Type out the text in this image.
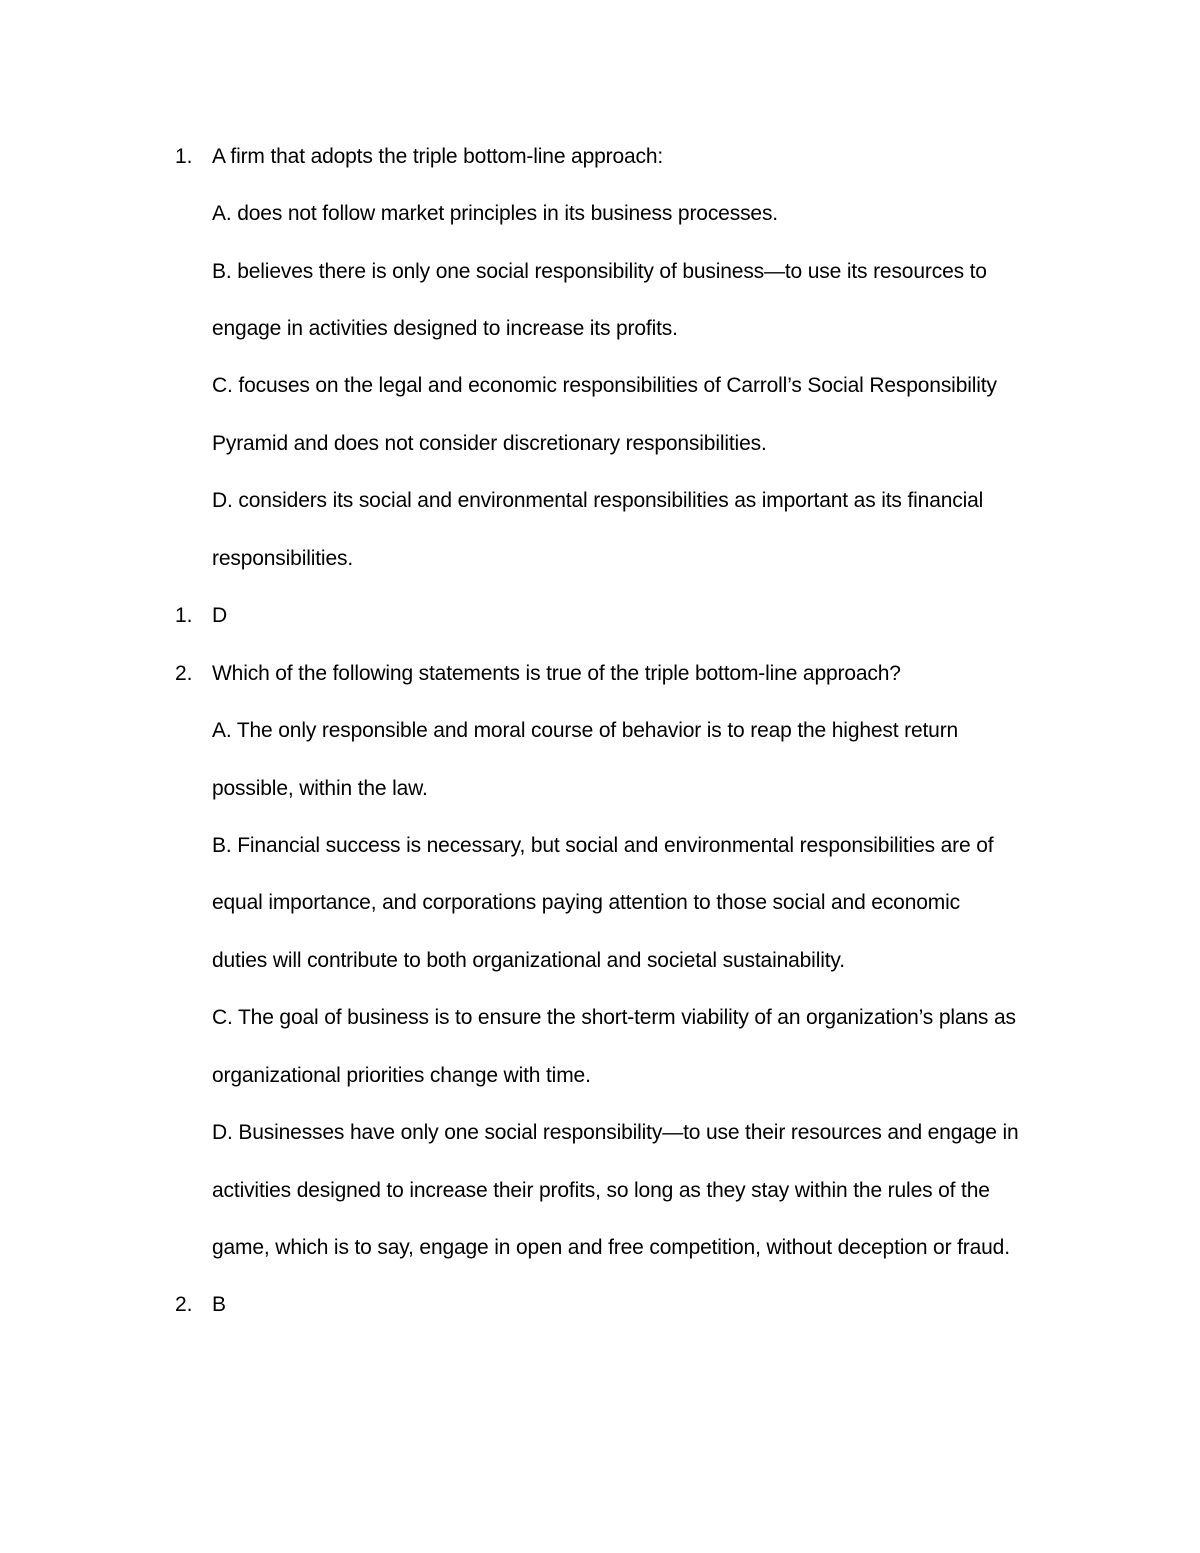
1. A firm that adopts the triple bottom-line approach:
A. does not follow market principles in its business processes.
B. believes there is only one social responsibility of business—to use its resources to
engage in activities designed to increase its profits.
C. focuses on the legal and economic responsibilities of Carroll’s Social Responsibility
Pyramid and does not consider discretionary responsibilities.
D. considers its social and environmental responsibilities as important as its financial
responsibilities.
1. D
2. Which of the following statements is true of the triple bottom-line approach?
A. The only responsible and moral course of behavior is to reap the highest return
possible, within the law.
B. Financial success is necessary, but social and environmental responsibilities are of
equal importance, and corporations paying attention to those social and economic
duties will contribute to both organizational and societal sustainability.
C. The goal of business is to ensure the short-term viability of an organization’s plans as
organizational priorities change with time.
D. Businesses have only one social responsibility—to use their resources and engage in
activities designed to increase their profits, so long as they stay within the rules of the
game, which is to say, engage in open and free competition, without deception or fraud.
2. B
